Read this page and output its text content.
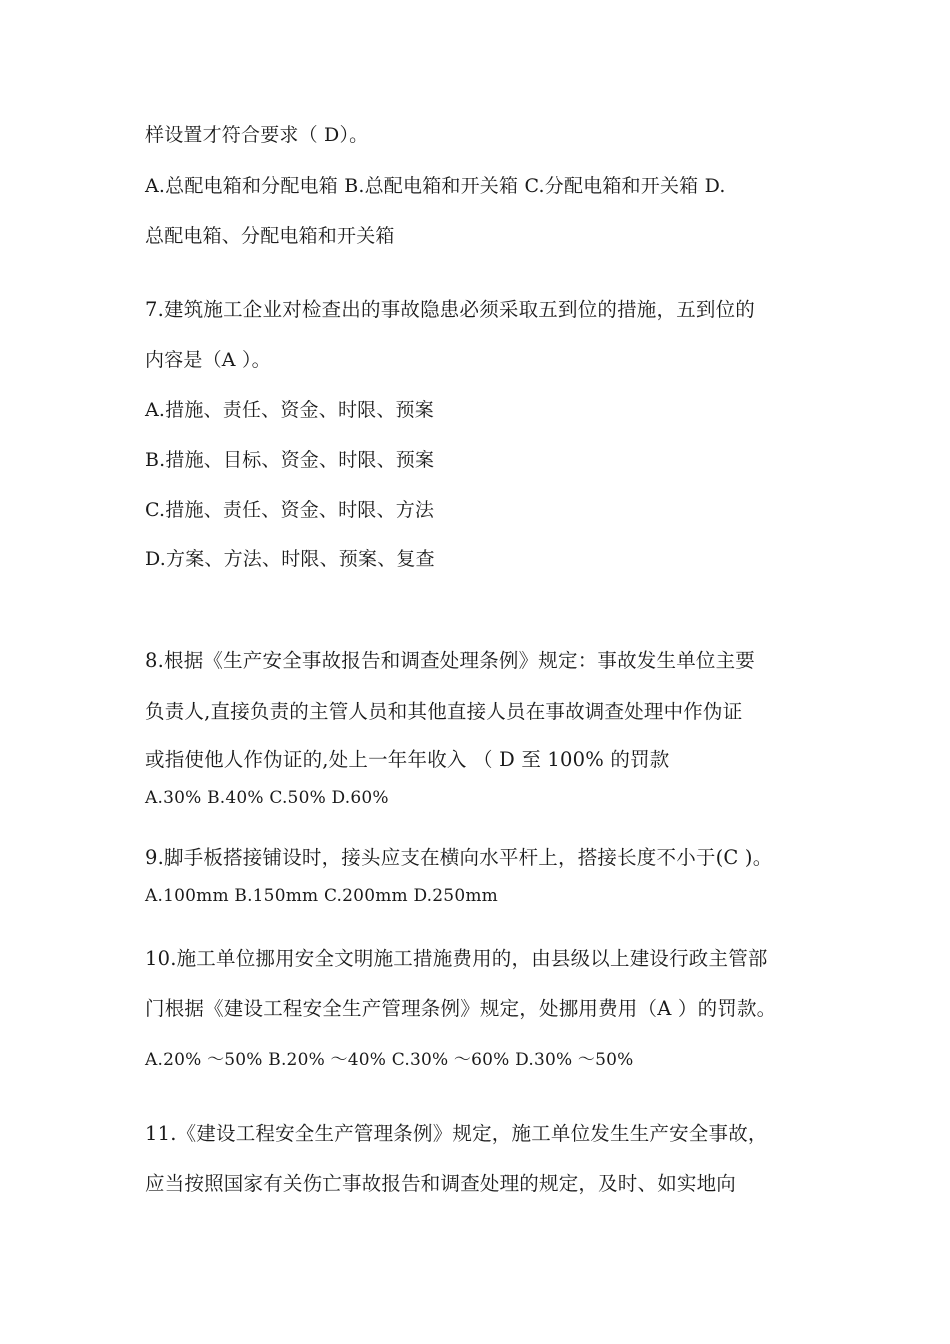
样设置才符合要求（ D）。
A.总配电箱和分配电箱 B.总配电箱和开关箱 C.分配电箱和开关箱 D.
总配电箱、分配电箱和开关箱
7.建筑施工企业对检查出的事故隐患必须采取五到位的措施，五到位的
内容是（A ）。
A.措施、责任、资金、时限、预案
B.措施、目标、资金、时限、预案
C.措施、责任、资金、时限、方法
D.方案、方法、时限、预案、复查
8.根据《生产安全事故报告和调查处理条例》规定：事故发生单位主要
负责人,直接负责的主管人员和其他直接人员在事故调查处理中作伪证
或指使他人作伪证的,处上一年年收入 （ D 至 100% 的罚款
A.30% B.40% C.50% D.60%
9.脚手板搭接铺设时，接头应支在横向水平杆上，搭接长度不小于(C )。
A.100mm B.150mm C.200mm D.250mm
10.施工单位挪用安全文明施工措施费用的，由县级以上建设行政主管部
门根据《建设工程安全生产管理条例》规定，处挪用费用（A ）的罚款。
A.20% ～50% B.20% ～40% C.30% ～60% D.30% ～50%
11.《建设工程安全生产管理条例》规定，施工单位发生生产安全事故，
应当按照国家有关伤亡事故报告和调查处理的规定，及时、如实地向
